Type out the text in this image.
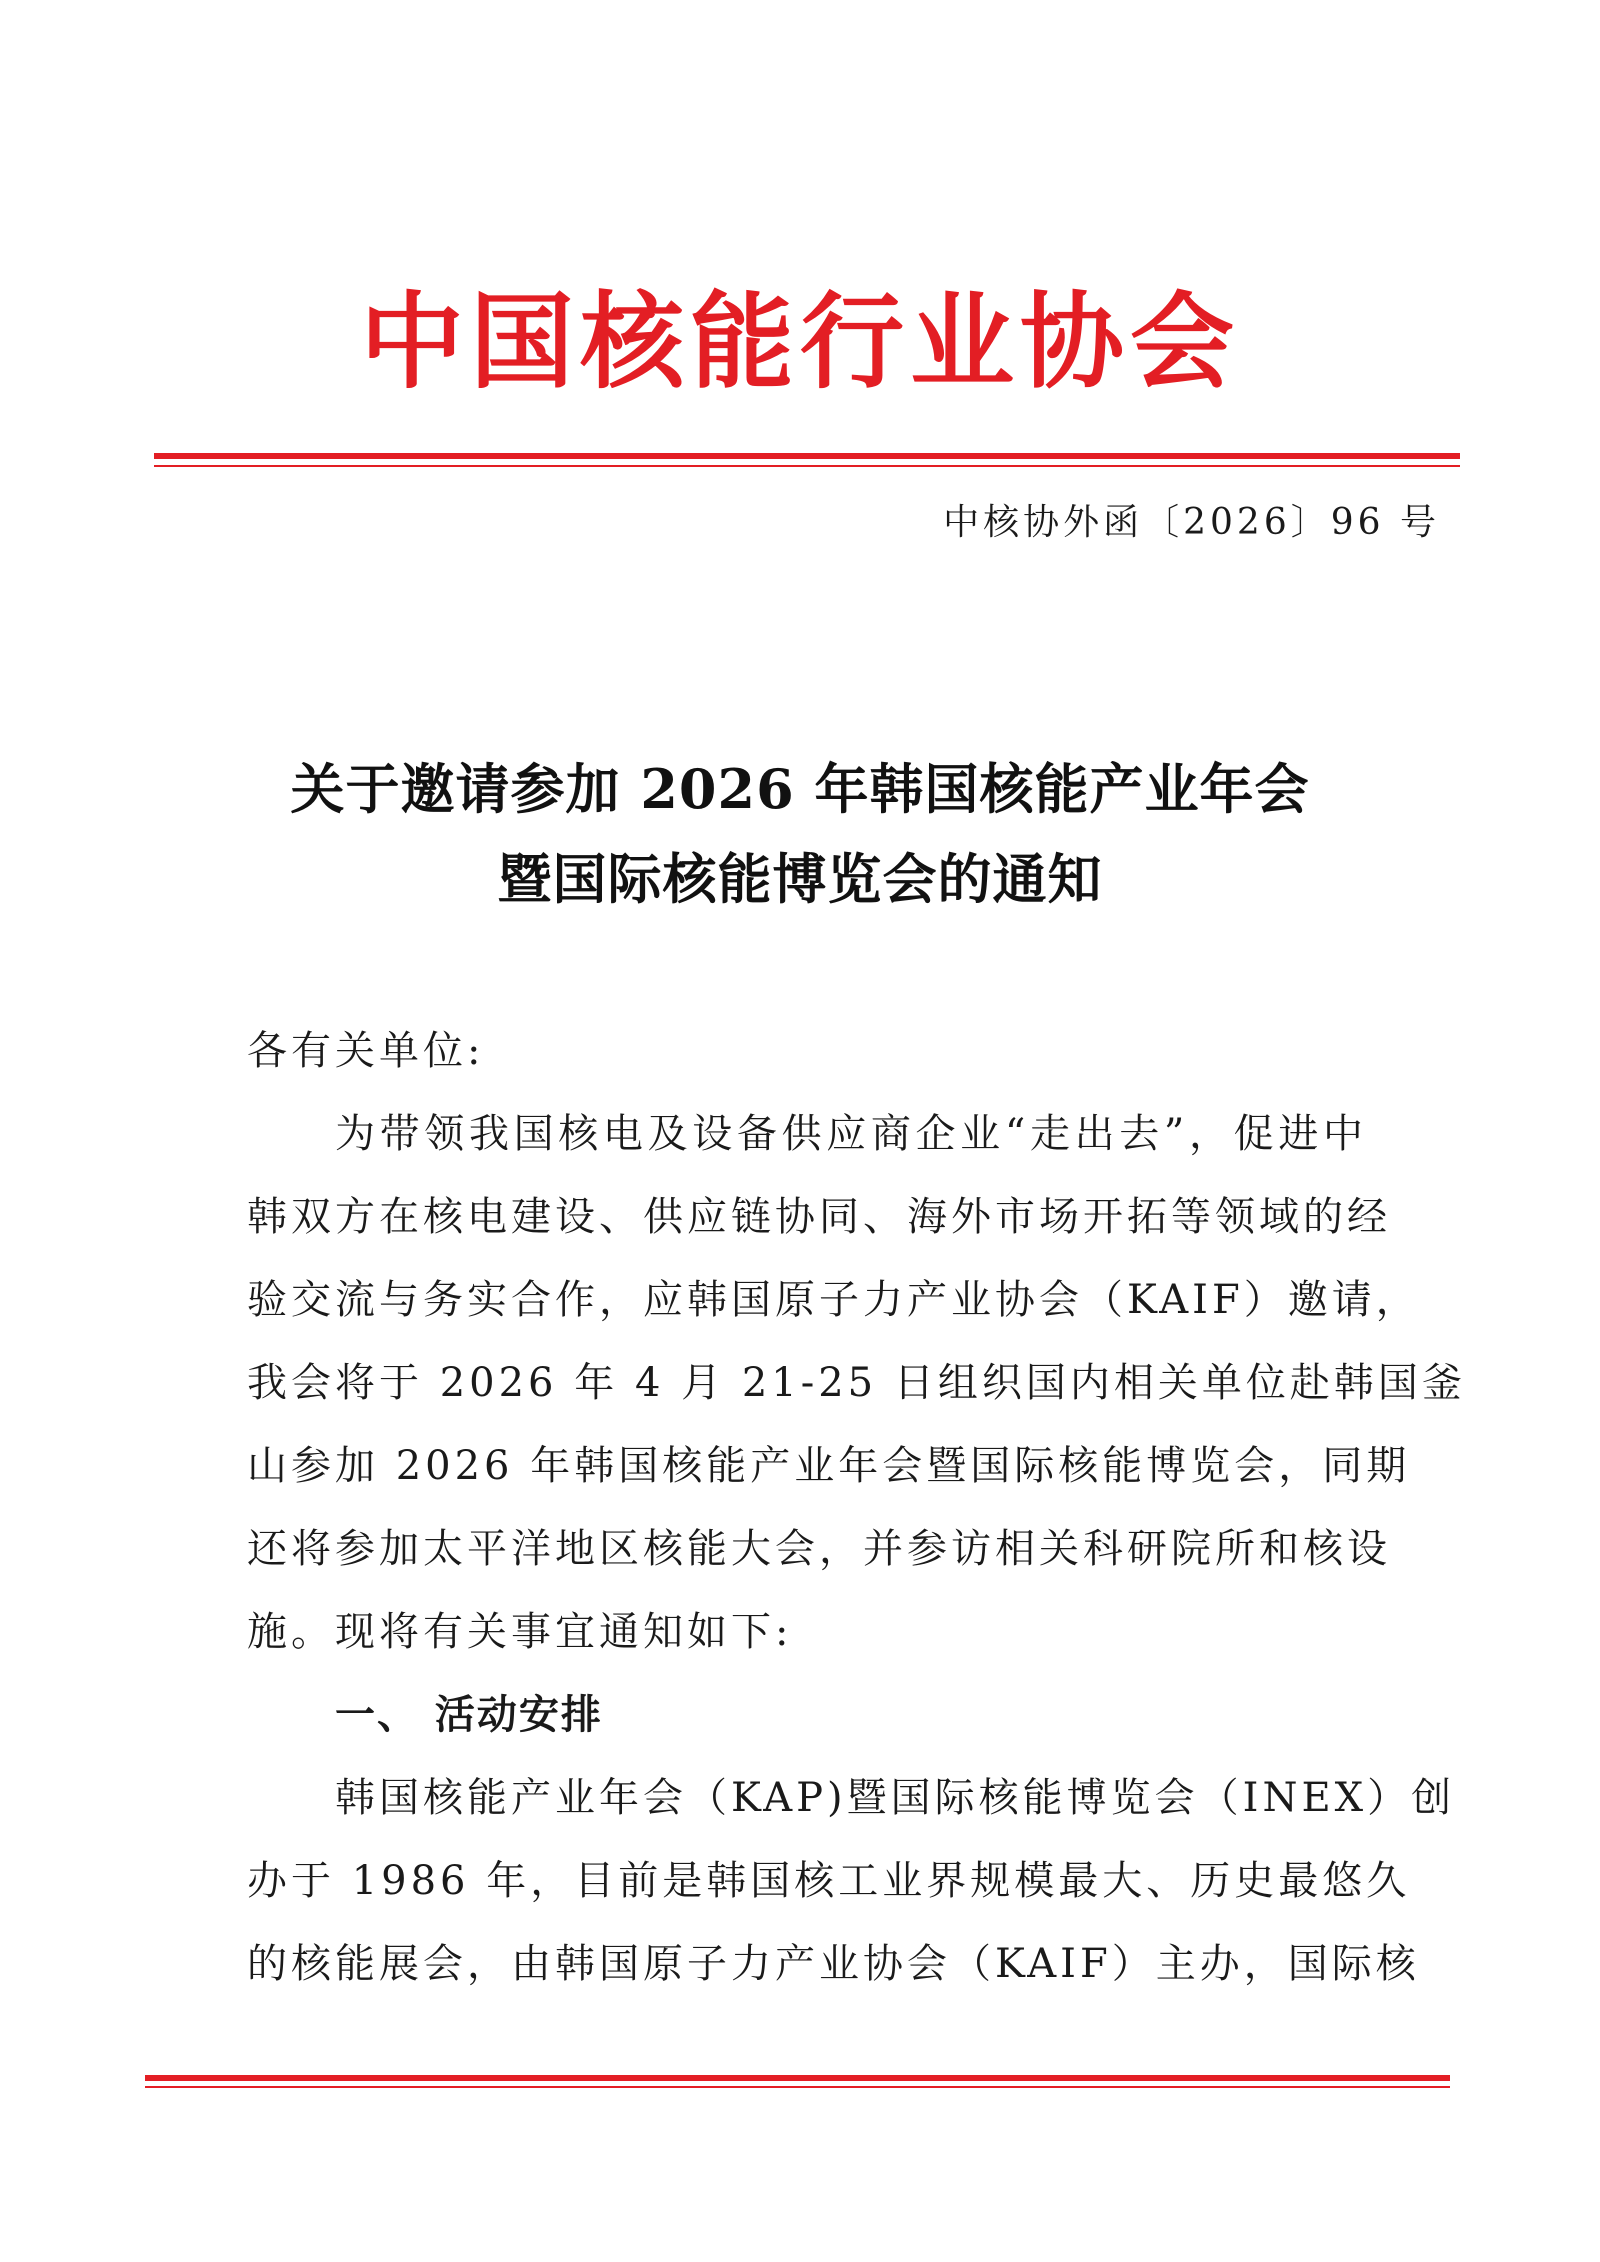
中国核能行业协会
中核协外函〔2026〕96 号
关于邀请参加 2026 年韩国核能产业年会
暨国际核能博览会的通知
各有关单位:
为带领我国核电及设备供应商企业“走出去”，促进中
韩双方在核电建设、供应链协同、海外市场开拓等领域的经
验交流与务实合作，应韩国原子力产业协会（KAIF）邀请，
我会将于 2026 年 4 月 21-25 日组织国内相关单位赴韩国釜
山参加 2026 年韩国核能产业年会暨国际核能博览会，同期
还将参加太平洋地区核能大会，并参访相关科研院所和核设
施。现将有关事宜通知如下:
一、 活动安排
韩国核能产业年会（KAP)暨国际核能博览会（INEX）创
办于 1986 年，目前是韩国核工业界规模最大、历史最悠久
的核能展会，由韩国原子力产业协会（KAIF）主办，国际核
